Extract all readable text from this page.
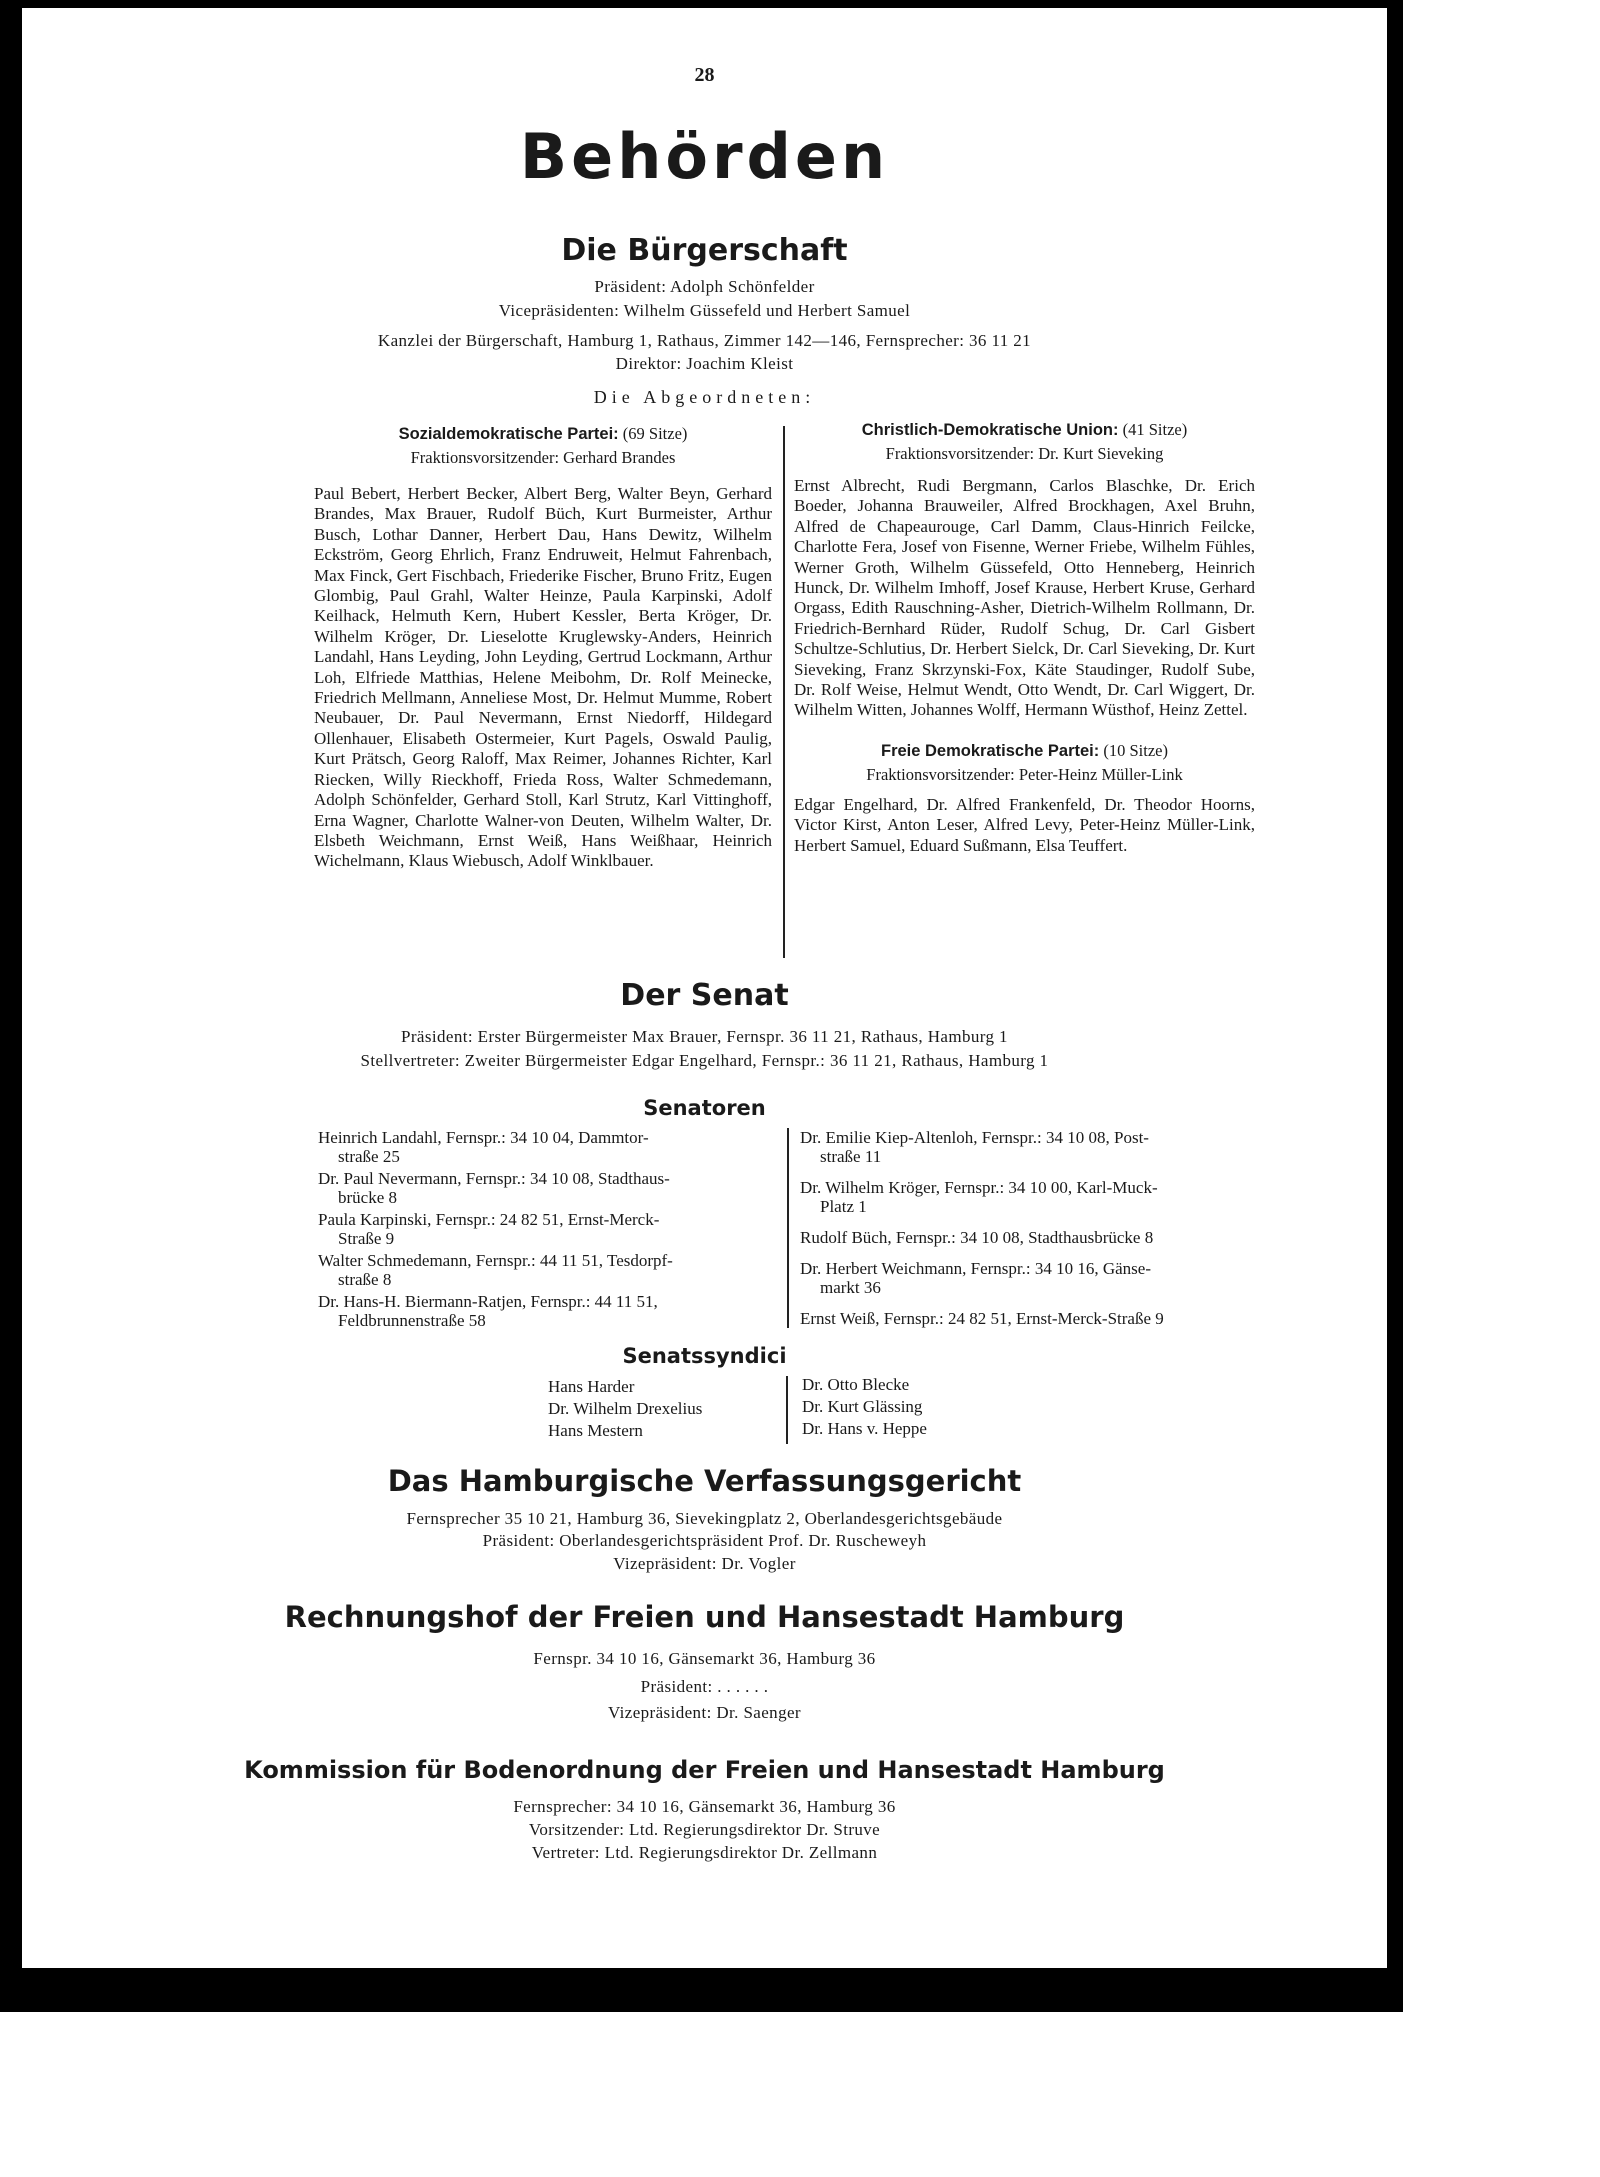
28
Behörden
Die Bürgerschaft
Präsident: Adolph Schönfelder
Vicepräsidenten: Wilhelm Güssefeld und Herbert Samuel
Kanzlei der Bürgerschaft, Hamburg 1, Rathaus, Zimmer 142—146, Fernsprecher: 36 11 21
Direktor: Joachim Kleist
Die Abgeordneten:
Sozialdemokratische Partei: (69 Sitze)
Fraktionsvorsitzender: Gerhard Brandes
Paul Bebert, Herbert Becker, Albert Berg, Walter Beyn, Gerhard Brandes, Max Brauer, Rudolf Büch, Kurt Burmeister, Arthur Busch, Lothar Danner, Herbert Dau, Hans Dewitz, Wilhelm Eckström, Georg Ehrlich, Franz Endruweit, Helmut Fahrenbach, Max Finck, Gert Fischbach, Friederike Fischer, Bruno Fritz, Eugen Glombig, Paul Grahl, Walter Heinze, Paula Karpinski, Adolf Keilhack, Helmuth Kern, Hubert Kessler, Berta Kröger, Dr. Wilhelm Kröger, Dr. Lieselotte Kruglewsky-Anders, Heinrich Landahl, Hans Leyding, John Leyding, Gertrud Lockmann, Arthur Loh, Elfriede Matthias, Helene Meibohm, Dr. Rolf Meinecke, Friedrich Mellmann, Anneliese Most, Dr. Helmut Mumme, Robert Neubauer, Dr. Paul Nevermann, Ernst Niedorff, Hildegard Ollenhauer, Elisabeth Ostermeier, Kurt Pagels, Oswald Paulig, Kurt Prätsch, Georg Raloff, Max Reimer, Johannes Richter, Karl Riecken, Willy Rieckhoff, Frieda Ross, Walter Schmedemann, Adolph Schönfelder, Gerhard Stoll, Karl Strutz, Karl Vittinghoff, Erna Wagner, Charlotte Walner-von Deuten, Wilhelm Walter, Dr. Elsbeth Weichmann, Ernst Weiß, Hans Weißhaar, Heinrich Wichelmann, Klaus Wiebusch, Adolf Winklbauer.
Christlich-Demokratische Union: (41 Sitze)
Fraktionsvorsitzender: Dr. Kurt Sieveking
Ernst Albrecht, Rudi Bergmann, Carlos Blaschke, Dr. Erich Boeder, Johanna Brauweiler, Alfred Brockhagen, Axel Bruhn, Alfred de Chapeaurouge, Carl Damm, Claus-Hinrich Feilcke, Charlotte Fera, Josef von Fisenne, Werner Friebe, Wilhelm Fühles, Werner Groth, Wilhelm Güssefeld, Otto Henneberg, Heinrich Hunck, Dr. Wilhelm Imhoff, Josef Krause, Herbert Kruse, Gerhard Orgass, Edith Rauschning-Asher, Dietrich-Wilhelm Rollmann, Dr. Friedrich-Bernhard Rüder, Rudolf Schug, Dr. Carl Gisbert Schultze-Schlutius, Dr. Herbert Sielck, Dr. Carl Sieveking, Dr. Kurt Sieveking, Franz Skrzynski-Fox, Käte Staudinger, Rudolf Sube, Dr. Rolf Weise, Helmut Wendt, Otto Wendt, Dr. Carl Wiggert, Dr. Wilhelm Witten, Johannes Wolff, Hermann Wüsthof, Heinz Zettel.
Freie Demokratische Partei: (10 Sitze)
Fraktionsvorsitzender: Peter-Heinz Müller-Link
Edgar Engelhard, Dr. Alfred Frankenfeld, Dr. Theodor Hoorns, Victor Kirst, Anton Leser, Alfred Levy, Peter-Heinz Müller-Link, Herbert Samuel, Eduard Sußmann, Elsa Teuffert.
Der Senat
Präsident: Erster Bürgermeister Max Brauer, Fernspr. 36 11 21, Rathaus, Hamburg 1
Stellvertreter: Zweiter Bürgermeister Edgar Engelhard, Fernspr.: 36 11 21, Rathaus, Hamburg 1
Senatoren
Heinrich Landahl, Fernspr.: 34 10 04, Dammtor-
straße 25
Dr. Paul Nevermann, Fernspr.: 34 10 08, Stadthaus-
brücke 8
Paula Karpinski, Fernspr.: 24 82 51, Ernst-Merck-
Straße 9
Walter Schmedemann, Fernspr.: 44 11 51, Tesdorpf-
straße 8
Dr. Hans-H. Biermann-Ratjen, Fernspr.: 44 11 51,
Feldbrunnenstraße 58
Dr. Emilie Kiep-Altenloh, Fernspr.: 34 10 08, Post-
straße 11
Dr. Wilhelm Kröger, Fernspr.: 34 10 00, Karl-Muck-
Platz 1
Rudolf Büch, Fernspr.: 34 10 08, Stadthausbrücke 8
Dr. Herbert Weichmann, Fernspr.: 34 10 16, Gänse-
markt 36
Ernst Weiß, Fernspr.: 24 82 51, Ernst-Merck-Straße 9
Senatssyndici
Hans Harder
Dr. Wilhelm Drexelius
Hans Mestern
Dr. Otto Blecke
Dr. Kurt Glässing
Dr. Hans v. Heppe
Das Hamburgische Verfassungsgericht
Fernsprecher 35 10 21, Hamburg 36, Sievekingplatz 2, Oberlandesgerichtsgebäude
Präsident: Oberlandesgerichtspräsident Prof. Dr. Ruscheweyh
Vizepräsident: Dr. Vogler
Rechnungshof der Freien und Hansestadt Hamburg
Fernspr. 34 10 16, Gänsemarkt 36, Hamburg 36
Präsident: . . . . . .
Vizepräsident: Dr. Saenger
Kommission für Bodenordnung der Freien und Hansestadt Hamburg
Fernsprecher: 34 10 16, Gänsemarkt 36, Hamburg 36
Vorsitzender: Ltd. Regierungsdirektor Dr. Struve
Vertreter: Ltd. Regierungsdirektor Dr. Zellmann
